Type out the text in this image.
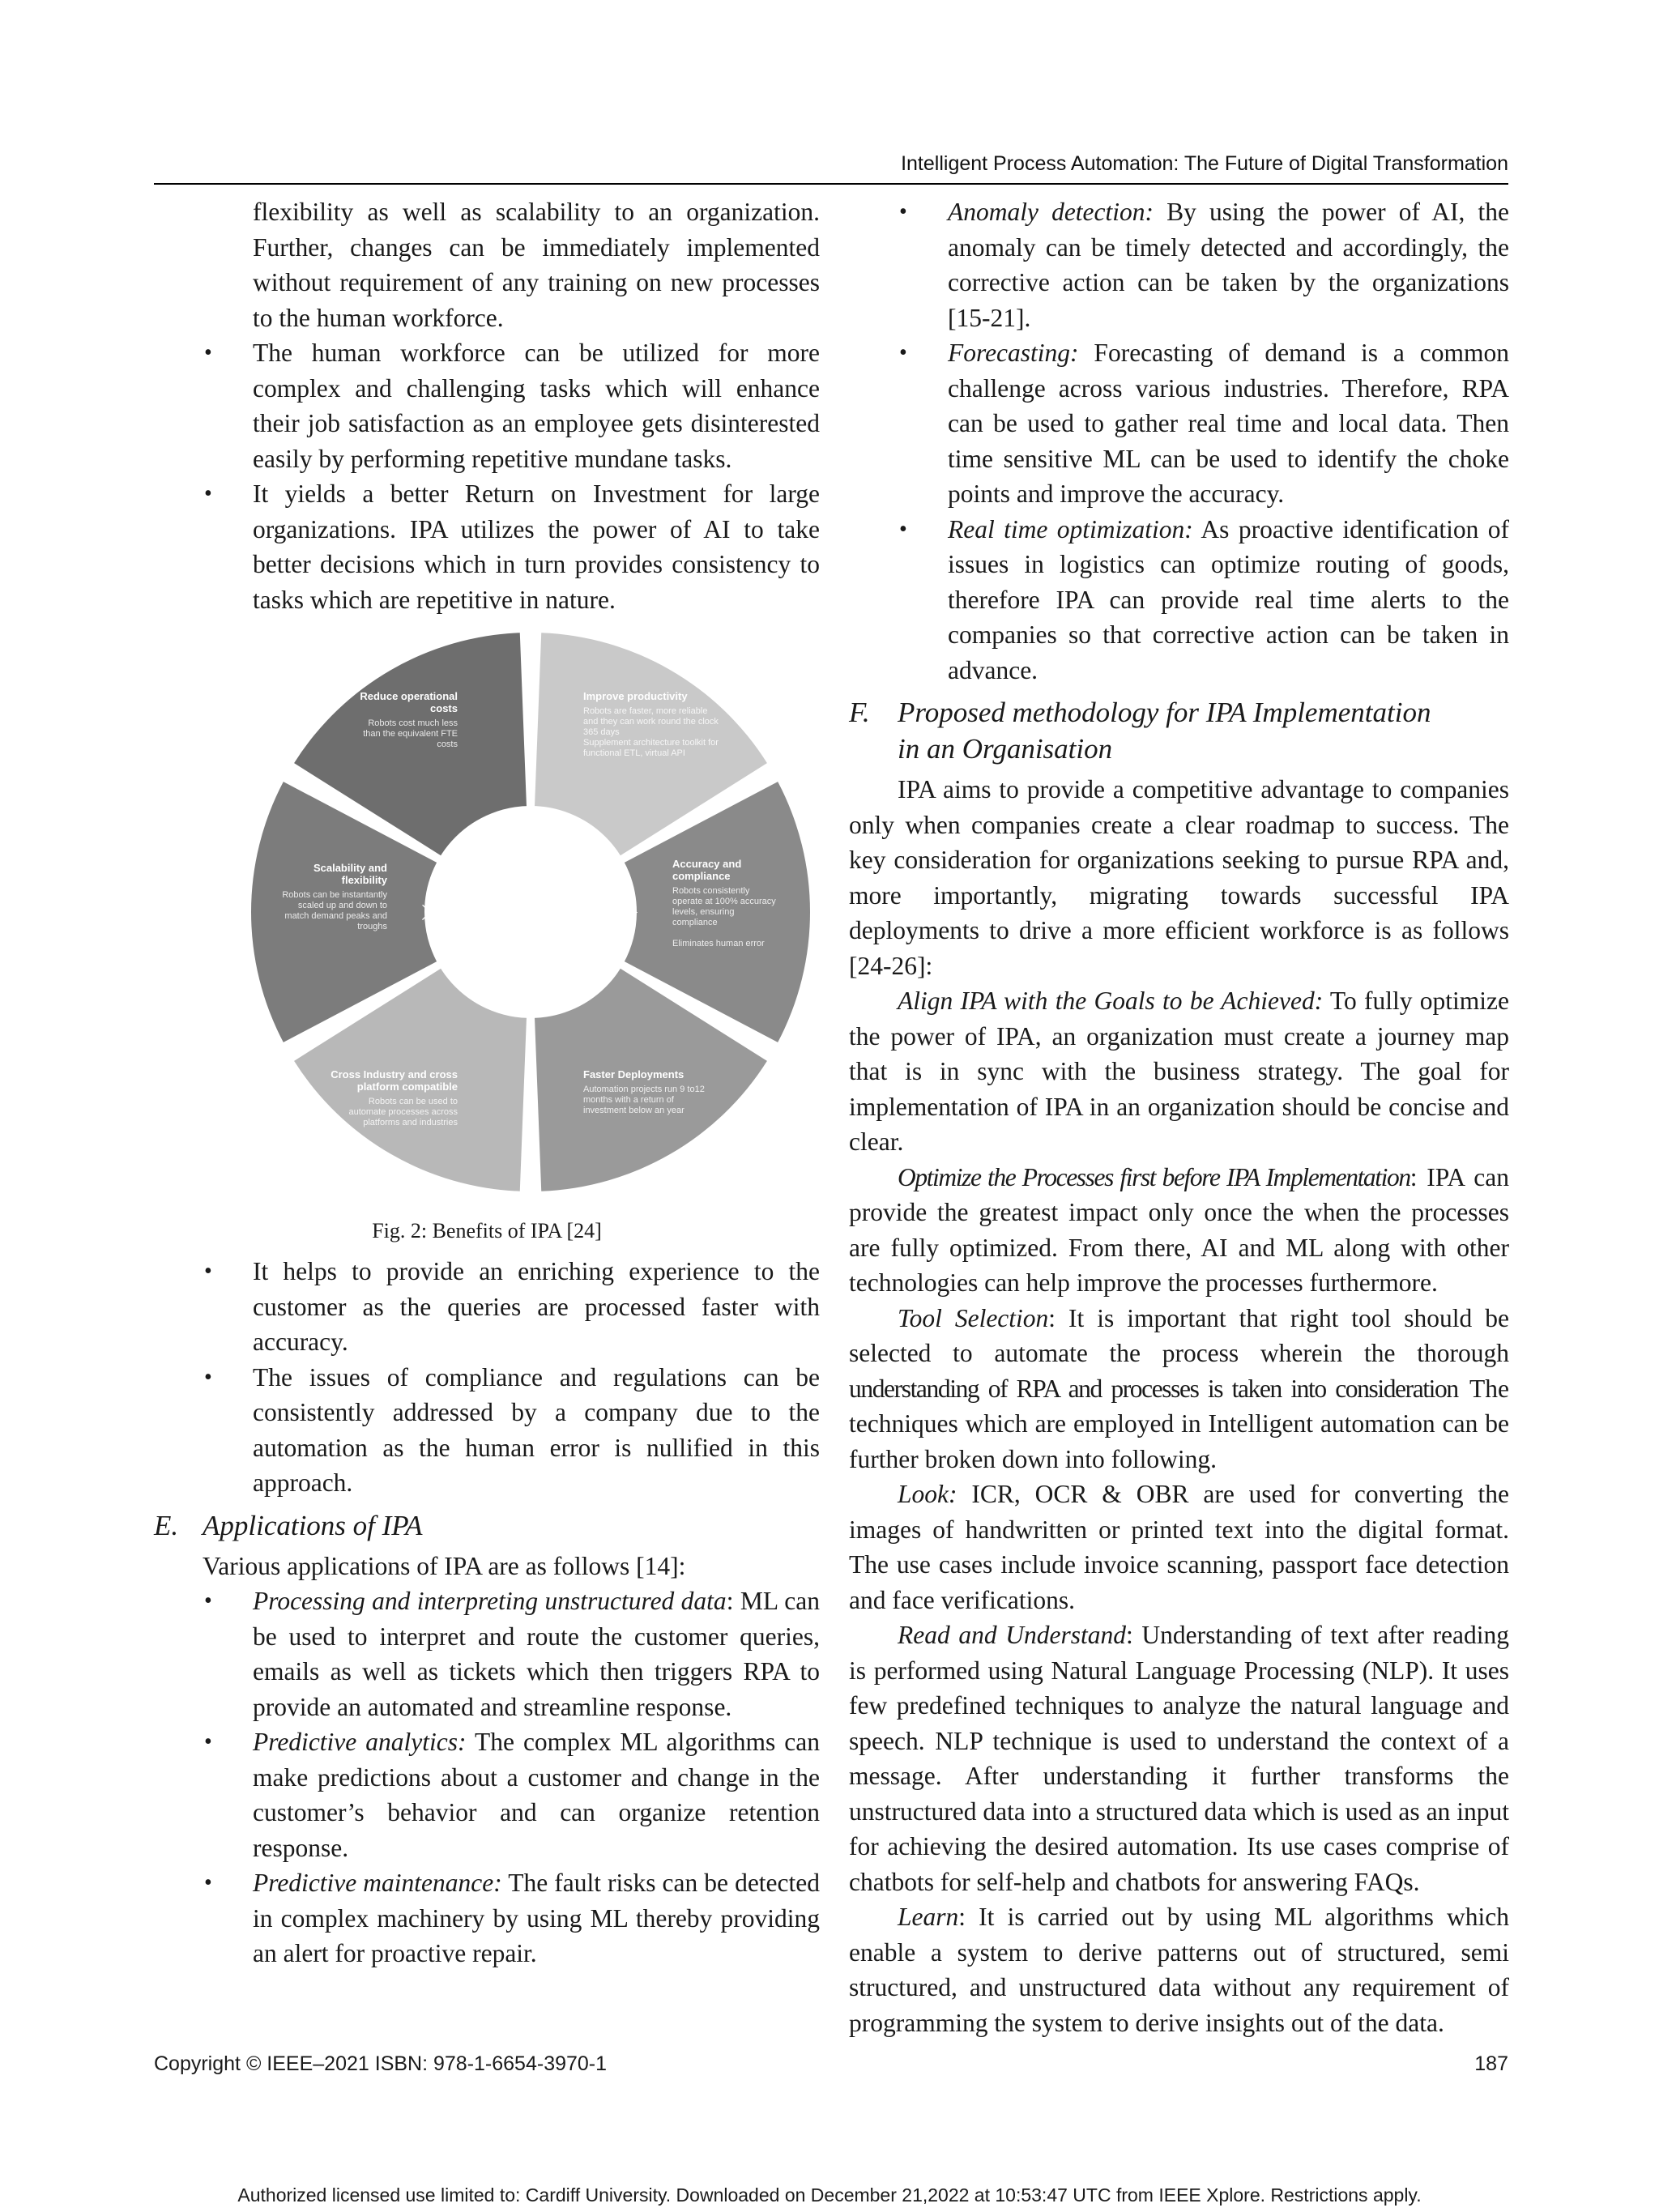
Intelligent Process Automation: The Future of Digital Transformation

flexibility as well as scalability to an organization. Further, changes can be immediately implemented without requirement of any training on new processes to the human workforce.

• The human workforce can be utilized for more complex and challenging tasks which will enhance their job satisfaction as an employee gets disinterested easily by performing repetitive mundane tasks.
• It yields a better Return on Investment for large organizations. IPA utilizes the power of AI to take better decisions which in turn provides consistency to tasks which are repetitive in nature.
Reduce operational
costs
Robots cost much less
than the equivalent FTE
costs
⤡
Improve productivity
Robots are faster, more reliable
and they can work round the clock
365 days
Supplement architecture toolkit for
functional ETL, virtual API
↗
Accuracy and
compliance
Robots consistently
operate at 100% accuracy
levels, ensuring
compliance
Eliminates human error
⌖
Faster Deployments
Automation projects run 9 to12
months with a return of
investment below an year
ϟ
Cross Industry and cross
platform compatible
Robots can be used to
automate processes across
platforms and industries
+
Scalability and
flexibility
Robots can be instantantly
scaled up and down to
match demand peaks and
troughs
⤨
Fig. 2: Benefits of IPA [24]
• It helps to provide an enriching experience to the customer as the queries are processed faster with accuracy.
• The issues of compliance and regulations can be consistently addressed by a company due to the automation as the human error is nullified in this approach.
E. Applications of IPA

Various applications of IPA are as follows [14]:

• Processing and interpreting unstructured data: ML can be used to interpret and route the customer queries, emails as well as tickets which then triggers RPA to provide an automated and streamline response.
• Predictive analytics: The complex ML algorithms can make predictions about a customer and change in the customer’s behavior and can organize retention response.
• Predictive maintenance: The fault risks can be detected in complex machinery by using ML thereby providing an alert for proactive repair.
• Anomaly detection: By using the power of AI, the anomaly can be timely detected and accordingly, the corrective action can be taken by the organizations [15-21].
• Forecasting: Forecasting of demand is a common challenge across various industries. Therefore, RPA can be used to gather real time and local data. Then time sensitive ML can be used to identify the choke points and improve the accuracy.
• Real time optimization: As proactive identification of issues in logistics can optimize routing of goods, therefore IPA can provide real time alerts to the companies so that corrective action can be taken in advance.
F. Proposed methodology for IPA Implementation
in an Organisation

IPA aims to provide a competitive advantage to companies only when companies create a clear roadmap to success. The key consideration for organizations seeking to pursue RPA and, more importantly, migrating towards successful IPA deployments to drive a more efficient workforce is as follows [24-26]:

Align IPA with the Goals to be Achieved: To fully optimize the power of IPA, an organization must create a journey map that is in sync with the business strategy. The goal for implementation of IPA in an organization should be concise and clear.

Optimize the Processes first before IPA Implementation: IPA can provide the greatest impact only once the when the processes are fully optimized. From there, AI and ML along with other technologies can help improve the processes furthermore.

Tool Selection: It is important that right tool should be selected to automate the process wherein the thorough understanding of RPA and processes is taken into consideration The techniques which are employed in Intelligent automation can be further broken down into following.

Look: ICR, OCR & OBR are used for converting the images of handwritten or printed text into the digital format. The use cases include invoice scanning, passport face detection and face verifications.

Read and Understand: Understanding of text after reading is performed using Natural Language Processing (NLP). It uses few predefined techniques to analyze the natural language and speech. NLP technique is used to understand the context of a message. After understanding it further transforms the unstructured data into a structured data which is used as an input for achieving the desired automation. Its use cases comprise of chatbots for self-help and chatbots for answering FAQs.

Learn: It is carried out by using ML algorithms which enable a system to derive patterns out of structured, semi structured, and unstructured data without any requirement of programming the system to derive insights out of the data.

Copyright © IEEE–2021 ISBN: 978-1-6654-3970-1	187
Authorized licensed use limited to: Cardiff University. Downloaded on December 21,2022 at 10:53:47 UTC from IEEE Xplore. Restrictions apply.
